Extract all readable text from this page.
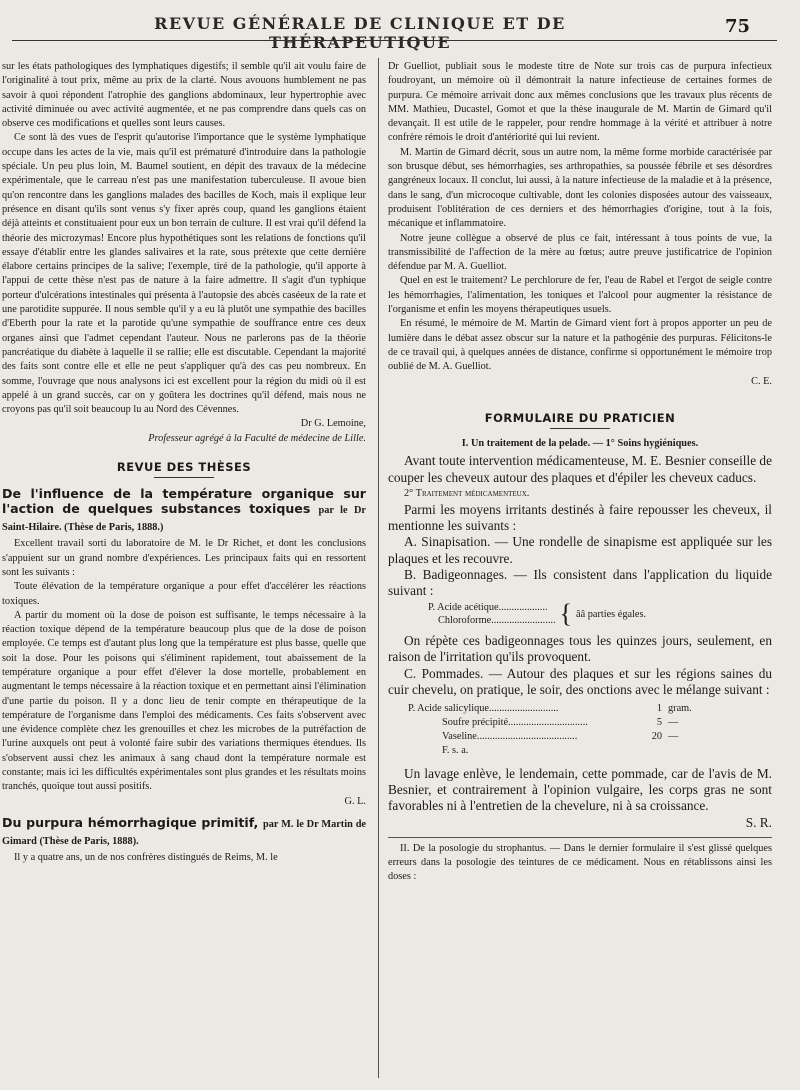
REVUE GÉNÉRALE DE CLINIQUE ET DE THÉRAPEUTIQUE
75

sur les états pathologiques des lymphatiques digestifs; il semble qu'il ait voulu faire de l'originalité à tout prix, même au prix de la clarté. Nous avouons humblement ne pas savoir à quoi répondent l'atrophie des ganglions abdominaux, leur hypertrophie avec activité diminuée ou avec activité augmentée, et ne pas comprendre dans quels cas on observe ces modifications et quelles sont leurs causes.

Ce sont là des vues de l'esprit qu'autorise l'importance que le système lymphatique occupe dans les actes de la vie, mais qu'il est prématuré d'introduire dans la pathologie spéciale. Un peu plus loin, M. Baumel soutient, en dépit des travaux de la médecine expérimentale, que le carreau n'est pas une manifestation tuberculeuse. Il avoue bien qu'on rencontre dans les ganglions malades des bacilles de Koch, mais il explique leur présence en disant qu'ils sont venus s'y fixer après coup, quand les ganglions étaient déjà atteints et constituaient pour eux un bon terrain de culture. Il est vrai qu'il défend la théorie des microzymas! Encore plus hypothétiques sont les relations de fonctions qu'il essaye d'établir entre les glandes salivaires et la rate, sous prétexte que cette dernière élabore certains principes de la salive; l'exemple, tiré de la pathologie, qu'il apporte à l'appui de cette thèse n'est pas de nature à la faire admettre. Il s'agit d'un typhique porteur d'ulcérations intestinales qui présenta à l'autopsie des abcès caséeux de la rate et une parotidite suppurée. Il nous semble qu'il y a eu là plutôt une sympathie des bacilles d'Eberth pour la rate et la parotide qu'une sympathie de souffrance entre ces deux organes ainsi que l'admet cependant l'auteur. Nous ne parlerons pas de la théorie pancréatique du diabète à laquelle il se rallie; elle est discutable. Cependant la majorité des faits sont contre elle et elle ne peut s'appliquer qu'à des cas peu nombreux. En somme, l'ouvrage que nous analysons ici est excellent pour la région du midi où il est appelé à un grand succès, car on y goûtera les doctrines qu'il défend, mais nous ne croyons pas qu'il soit beaucoup lu au Nord des Cévennes.

Dr G. Lemoine,

Professeur agrégé à la Faculté de médecine de Lille.

REVUE DES THÈSES

De l'influence de la température organique sur l'action de quelques substances toxiques par le Dr Saint-Hilaire. (Thèse de Paris, 1888.)

Excellent travail sorti du laboratoire de M. le Dr Richet, et dont les conclusions s'appuient sur un grand nombre d'expériences. Les principaux faits qui en ressortent sont les suivants :

Toute élévation de la température organique a pour effet d'accélérer les réactions toxiques.

A partir du moment où la dose de poison est suffisante, le temps nécessaire à la réaction toxique dépend de la température beaucoup plus que de la dose de poison employée. Ce temps est d'autant plus long que la température est plus basse, quelle que soit la dose. Pour les poisons qui s'éliminent rapidement, tout abaissement de la température organique a pour effet d'élever la dose mortelle, probablement en augmentant le temps nécessaire à la réaction toxique et en permettant ainsi l'élimination d'une partie du poison. Il y a donc lieu de tenir compte en thérapeutique de la température de l'organisme dans l'emploi des médicaments. Ces faits s'observent avec une évidence complète chez les grenouilles et chez les microbes de la putréfaction de l'urine auxquels ont peut à volonté faire subir des variations thermiques étendues. Ils s'observent aussi chez les animaux à sang chaud dont la température normale est constante; mais ici les difficultés expérimentales sont plus grandes et les résultats moins tranchés, quoique tout aussi positifs.

G. L.

Du purpura hémorrhagique primitif, par M. le Dr Martin de Gimard (Thèse de Paris, 1888).

Il y a quatre ans, un de nos confrères distingués de Reims, M. le

Dr Guelliot, publiait sous le modeste titre de Note sur trois cas de purpura infectieux foudroyant, un mémoire où il démontrait la nature infectieuse de certaines formes de purpura. Ce mémoire arrivait donc aux mêmes conclusions que les travaux plus récents de MM. Mathieu, Ducastel, Gomot et que la thèse inaugurale de M. Martin de Gimard qu'il devançait. Il est utile de le rappeler, pour rendre hommage à la vérité et attribuer à notre confrère rémois le droit d'antériorité qui lui revient.

M. Martin de Gimard décrit, sous un autre nom, la même forme morbide caractérisée par son brusque début, ses hémorrhagies, ses arthropathies, sa poussée fébrile et ses désordres gangréneux locaux. Il conclut, lui aussi, à la nature infectieuse de la maladie et à la présence, dans le sang, d'un microcoque cultivable, dont les colonies disposées autour des vaisseaux, produisent l'oblitération de ces derniers et des hémorrhagies d'origine, tout à la fois, mécanique et inflammatoire.

Notre jeune collègue a observé de plus ce fait, intéressant à tous points de vue, la transmissibilité de l'affection de la mère au fœtus; autre preuve justificatrice de l'opinion défendue par M. A. Guelliot.

Quel en est le traitement? Le perchlorure de fer, l'eau de Rabel et l'ergot de seigle contre les hémorrhagies, l'alimentation, les toniques et l'alcool pour augmenter la résistance de l'organisme et enfin les moyens thérapeutiques usuels.

En résumé, le mémoire de M. Martin de Gimard vient fort à propos apporter un peu de lumière dans le débat assez obscur sur la nature et la pathogénie des purpuras. Félicitons-le de ce travail qui, à quelques années de distance, confirme si opportunément le mémoire trop oublié de M. A. Guelliot.

C. E.

FORMULAIRE DU PRATICIEN

I. Un traitement de la pelade. — 1° Soins hygiéniques.

Avant toute intervention médicamenteuse, M. E. Besnier conseille de couper les cheveux autour des plaques et d'épiler les cheveux caducs.

2° Traitement médicamenteux.

Parmi les moyens irritants destinés à faire repousser les cheveux, il mentionne les suivants :

A. Sinapisation. — Une rondelle de sinapisme est appliquée sur les plaques et les recouvre.

B. Badigeonnages. — Ils consistent dans l'application du liquide suivant :

P. Acide acétique...................
Chloroforme......................... { ââ parties égales.

On répète ces badigeonnages tous les quinzes jours, seulement, en raison de l'irritation qu'ils provoquent.

C. Pommades. — Autour des plaques et sur les régions saines du cuir chevelu, on pratique, le soir, des onctions avec le mélange suivant :

P. Acide salicylique...........................	1 gram.
Soufre précipité...............................	5 —
Vaseline.......................................	20 —
F. s. a.

Un lavage enlève, le lendemain, cette pommade, car de l'avis de M. Besnier, et contrairement à l'opinion vulgaire, les corps gras ne sont favorables ni à l'entretien de la chevelure, ni à sa croissance.

S. R.

II. De la posologie du strophantus. — Dans le dernier formulaire il s'est glissé quelques erreurs dans la posologie des teintures de ce médicament. Nous en rétablissons ainsi les doses :
